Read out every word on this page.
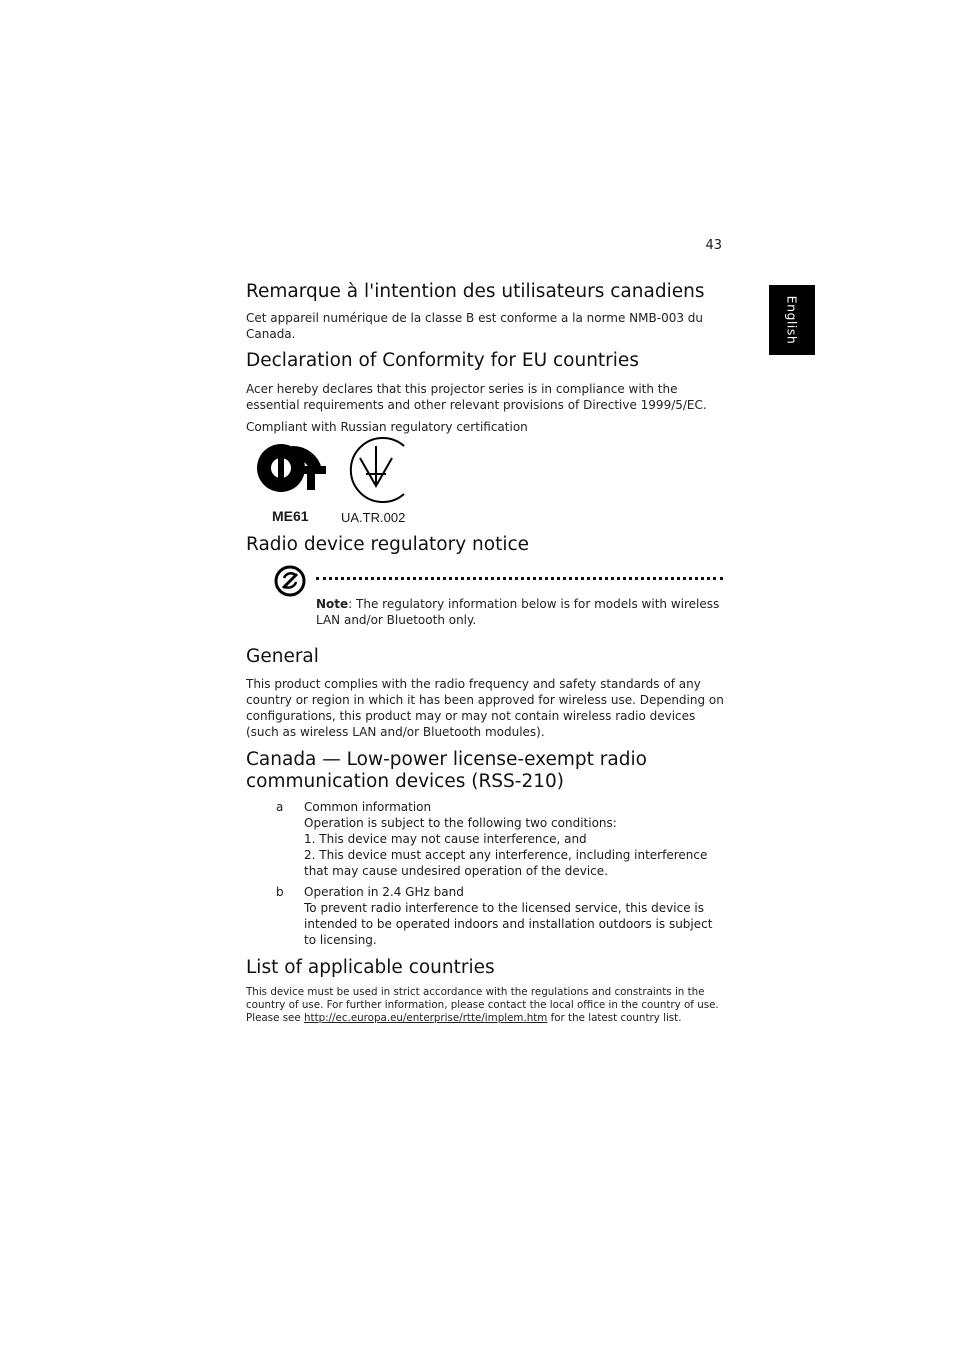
43
English
Remarque à l'intention des utilisateurs canadiens

Cet appareil numérique de la classe B est conforme a la norme NMB-003 du Canada.

Declaration of Conformity for EU countries

Acer hereby declares that this projector series is in compliance with the essential requirements and other relevant provisions of Directive 1999/5/EC.

Compliant with Russian regulatory certification

ME61 UA.TR.002
Radio device regulatory notice

Note: The regulatory information below is for models with wireless LAN and/or Bluetooth only.

General

This product complies with the radio frequency and safety standards of any country or region in which it has been approved for wireless use. Depending on configurations, this product may or may not contain wireless radio devices (such as wireless LAN and/or Bluetooth modules).

Canada — Low-power license-exempt radio communication devices (RSS-210)
a Common information
Operation is subject to the following two conditions:
1. This device may not cause interference, and
2. This device must accept any interference, including interference that may cause undesired operation of the device.
b Operation in 2.4 GHz band
To prevent radio interference to the licensed service, this device is intended to be operated indoors and installation outdoors is subject to licensing.
List of applicable countries

This device must be used in strict accordance with the regulations and constraints in the country of use. For further information, please contact the local office in the country of use. Please see http://ec.europa.eu/enterprise/rtte/implem.htm for the latest country list.
